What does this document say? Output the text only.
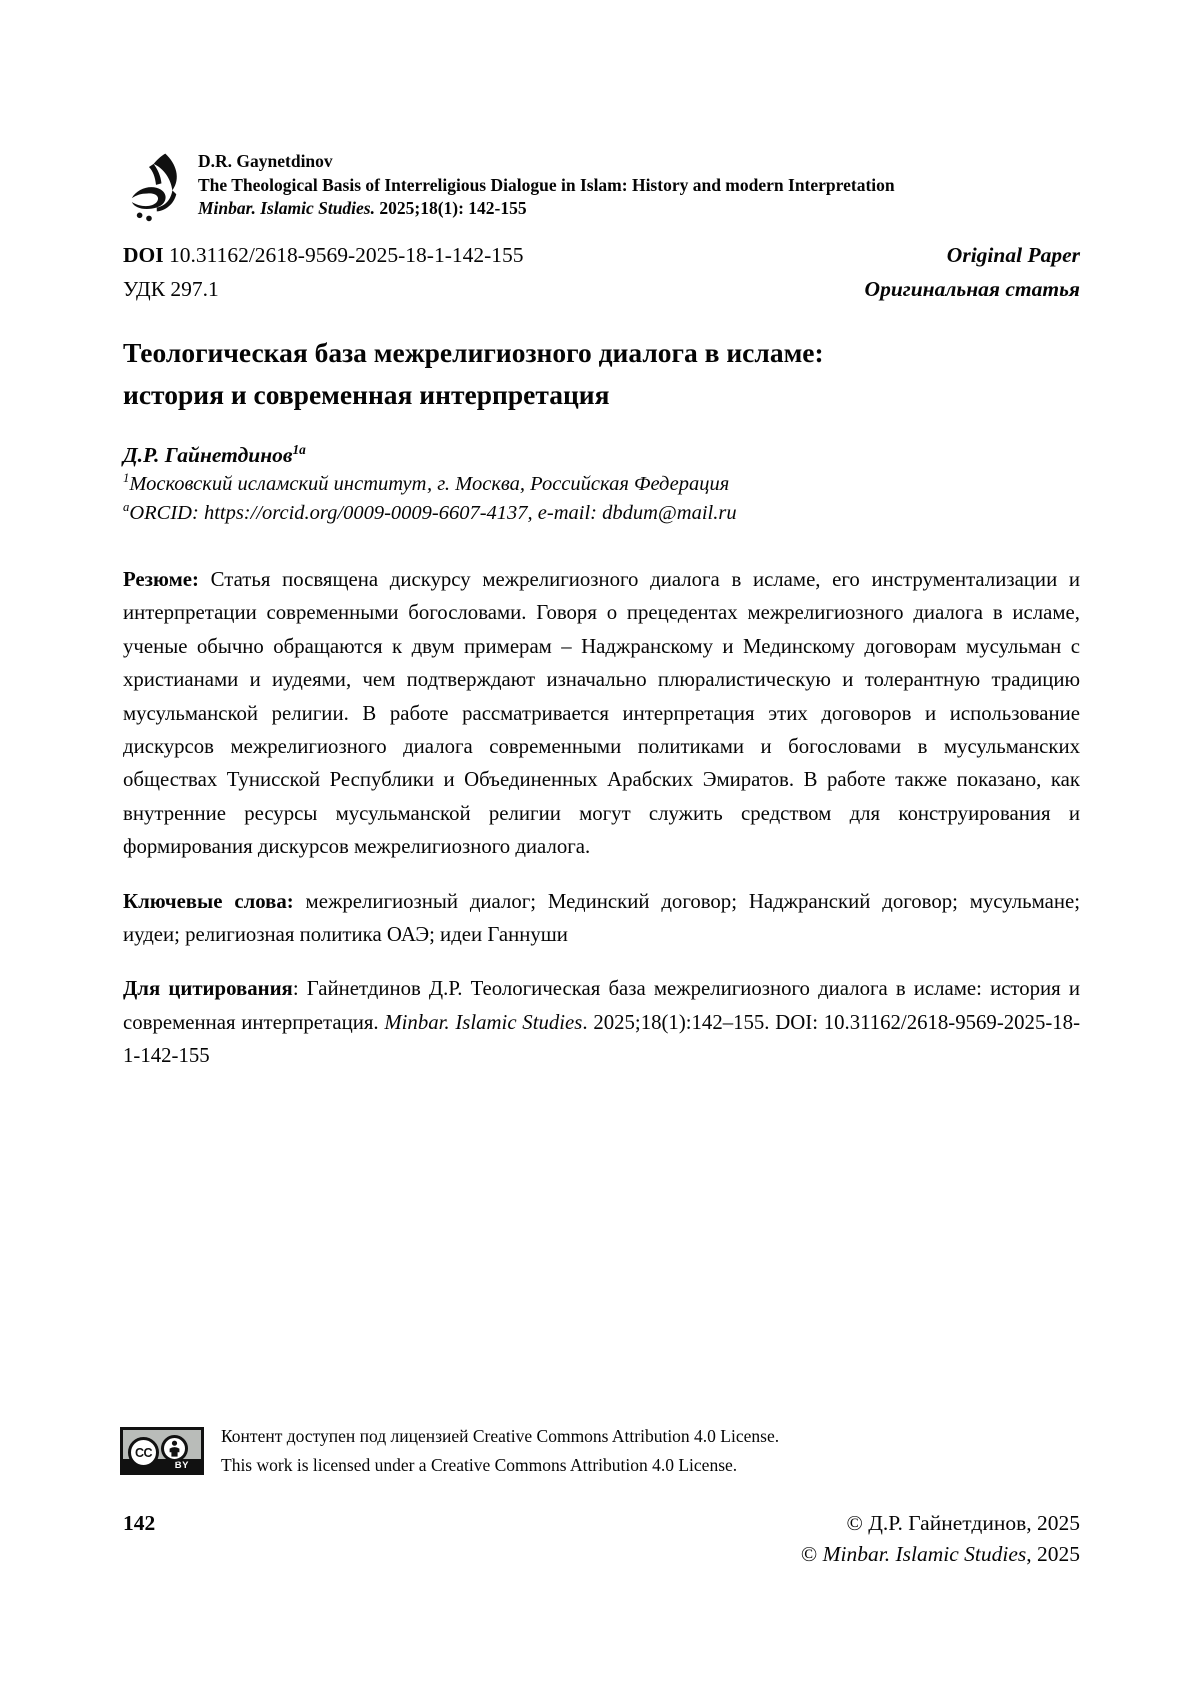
D.R. Gaynetdinov
The Theological Basis of Interreligious Dialogue in Islam: History and modern Interpretation
Minbar. Islamic Studies. 2025;18(1): 142-155
DOI 10.31162/2618-9569-2025-18-1-142-155	Original Paper
УДК 297.1	Оригинальная статья
Теологическая база межрелигиозного диалога в исламе:
история и современная интерпретация
Д.Р. Гайнетдинов$^{1a}$
$^1$Московский исламский институт, г. Москва, Российская Федерация
$^a$ORCID: https://orcid.org/0009-0009-6607-4137, e-mail: dbdum@mail.ru

Резюме: Статья посвящена дискурсу межрелигиозного диалога в исламе, его инструментализации и интерпретации современными богословами. Говоря о прецедентах межрелигиозного диалога в исламе, ученые обычно обращаются к двум примерам – Наджранскому и Мединскому договорам мусульман с христианами и иудеями, чем подтверждают изначально плюралистическую и толерантную традицию мусульманской религии. В работе рассматривается интерпретация этих договоров и использование дискурсов межрелигиозного диалога современными политиками и богословами в мусульманских обществах Тунисской Республики и Объединенных Арабских Эмиратов. В работе также показано, как внутренние ресурсы мусульманской религии могут служить средством для конструирования и формирования дискурсов межрелигиозного диалога.

Ключевые слова: межрелигиозный диалог; Мединский договор; Наджранский договор; мусульмане; иудеи; религиозная политика ОАЭ; идеи Ганнуши

Для цитирования: Гайнетдинов Д.Р. Теологическая база межрелигиозного диалога в исламе: история и современная интерпретация. Minbar. Islamic Studies. 2025;18(1):142–155. DOI: 10.31162/2618-9569-2025-18-1-142-155

BY
CC
Контент доступен под лицензией Creative Commons Attribution 4.0 License.
This work is licensed under a Creative Commons Attribution 4.0 License.
142	© Д.Р. Гайнетдинов, 2025
© Minbar. Islamic Studies, 2025
